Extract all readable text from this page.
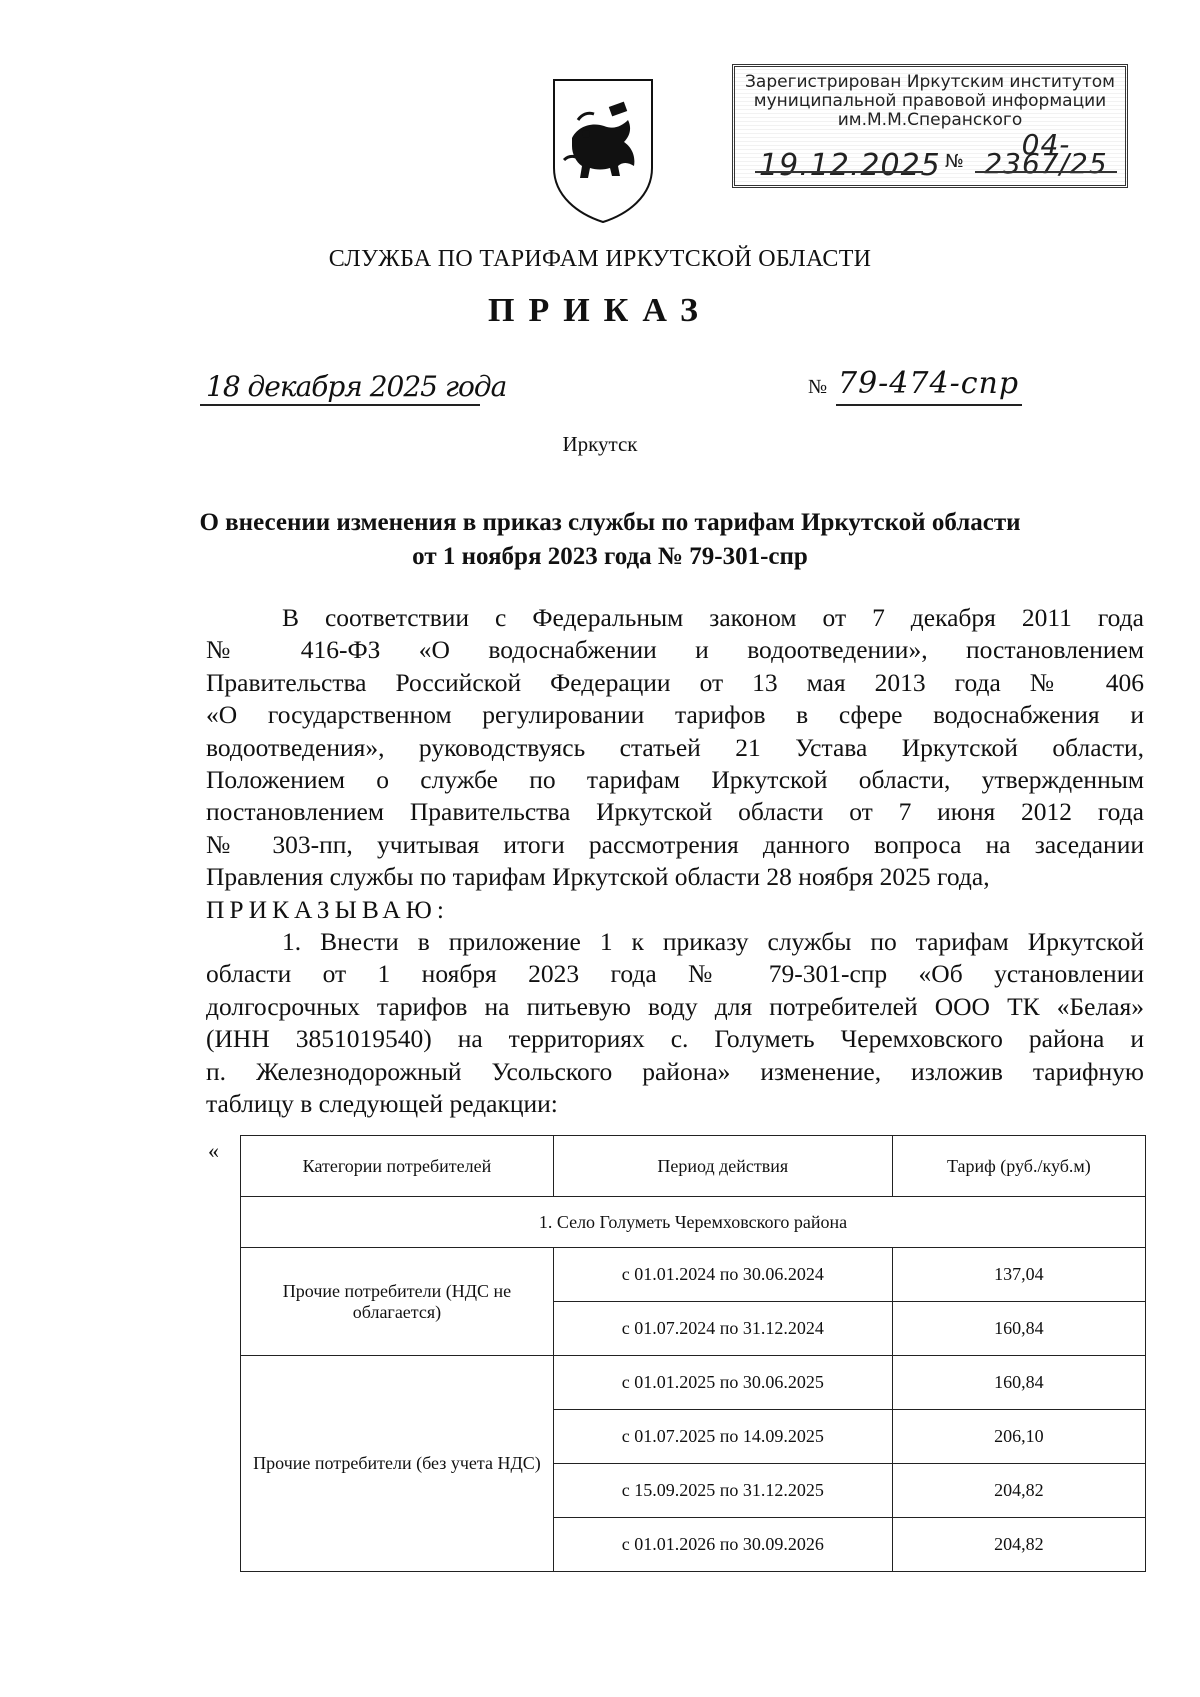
Зарегистрирован Иркутским институтом
муниципальной правовой информации
им.М.М.Сперанского
19.12.2025 №
04-2367/25
СЛУЖБА ПО ТАРИФАМ ИРКУТСКОЙ ОБЛАСТИ
ПРИКАЗ
18 декабря 2025 года	№ 79-474-спр
Иркутск
О внесении изменения в приказ службы по тарифам Иркутской области
от 1 ноября 2023 года № 79-301-спр

В соответствии с Федеральным законом от 7 декабря 2011 года

№ 416-ФЗ «О водоснабжении и водоотведении», постановлением

Правительства Российской Федерации от 13 мая 2013 года № 406

«О государственном регулировании тарифов в сфере водоснабжения и

водоотведения», руководствуясь статьей 21 Устава Иркутской области,

Положением о службе по тарифам Иркутской области, утвержденным

постановлением Правительства Иркутской области от 7 июня 2012 года

№ 303-пп, учитывая итоги рассмотрения данного вопроса на заседании

Правления службы по тарифам Иркутской области 28 ноября 2025 года,

ПРИКАЗЫВАЮ:

1. Внести в приложение 1 к приказу службы по тарифам Иркутской

области от 1 ноября 2023 года № 79-301-спр «Об установлении

долгосрочных тарифов на питьевую воду для потребителей ООО ТК «Белая»

(ИНН 3851019540) на территориях с. Голуметь Черемховского района и

п. Железнодорожный Усольского района» изменение, изложив тарифную

таблицу в следующей редакции:

«
Категории потребителей	Период действия	Тариф (руб./куб.м)
1. Село Голуметь Черемховского района		
Прочие потребители (НДС не облагается)	с 01.01.2024 по 30.06.2024	137,04
	с 01.07.2024 по 31.12.2024	160,84
Прочие потребители (без учета НДС)	с 01.01.2025 по 30.06.2025	160,84
	с 01.07.2025 по 14.09.2025	206,10
	с 15.09.2025 по 31.12.2025	204,82
	с 01.01.2026 по 30.09.2026	204,82
